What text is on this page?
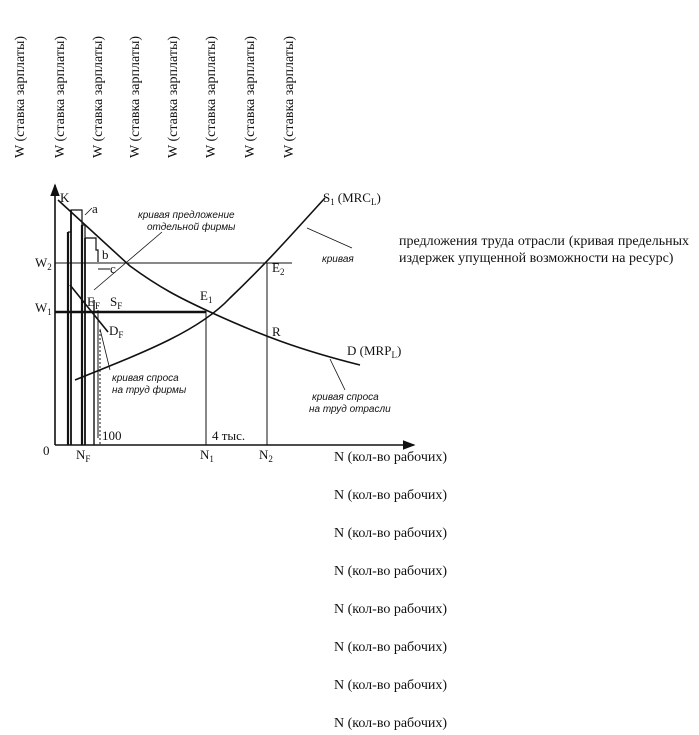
W (ставка зарплаты) W (ставка зарплаты) W (ставка зарплаты) W (ставка зарплаты) W (ставка зарплаты) W (ставка зарплаты) W (ставка зарплаты) W (ставка зарплаты)
предложения труда отрасли (кривая предельных издержек упущенной возможности на ресурс)
0
K
a
b
c
$W_2$
$W_1$
$E_2$
$E_1$
$E_F$ $S_F$
$D_F$	R
$S_1$ $(MRC_L)$
D $(MRP_L)$
кривая предложение отдельной фирмы
кривая
кривая спроса на труд фирмы
кривая спроса на труд отрасли
100	4 тыс.
$N_F$	$N_1$	$N_2$	N (кол-во рабочих)
N (кол-во рабочих)
N (кол-во рабочих)
N (кол-во рабочих)
N (кол-во рабочих)
N (кол-во рабочих)
N (кол-во рабочих)
N (кол-во рабочих)
